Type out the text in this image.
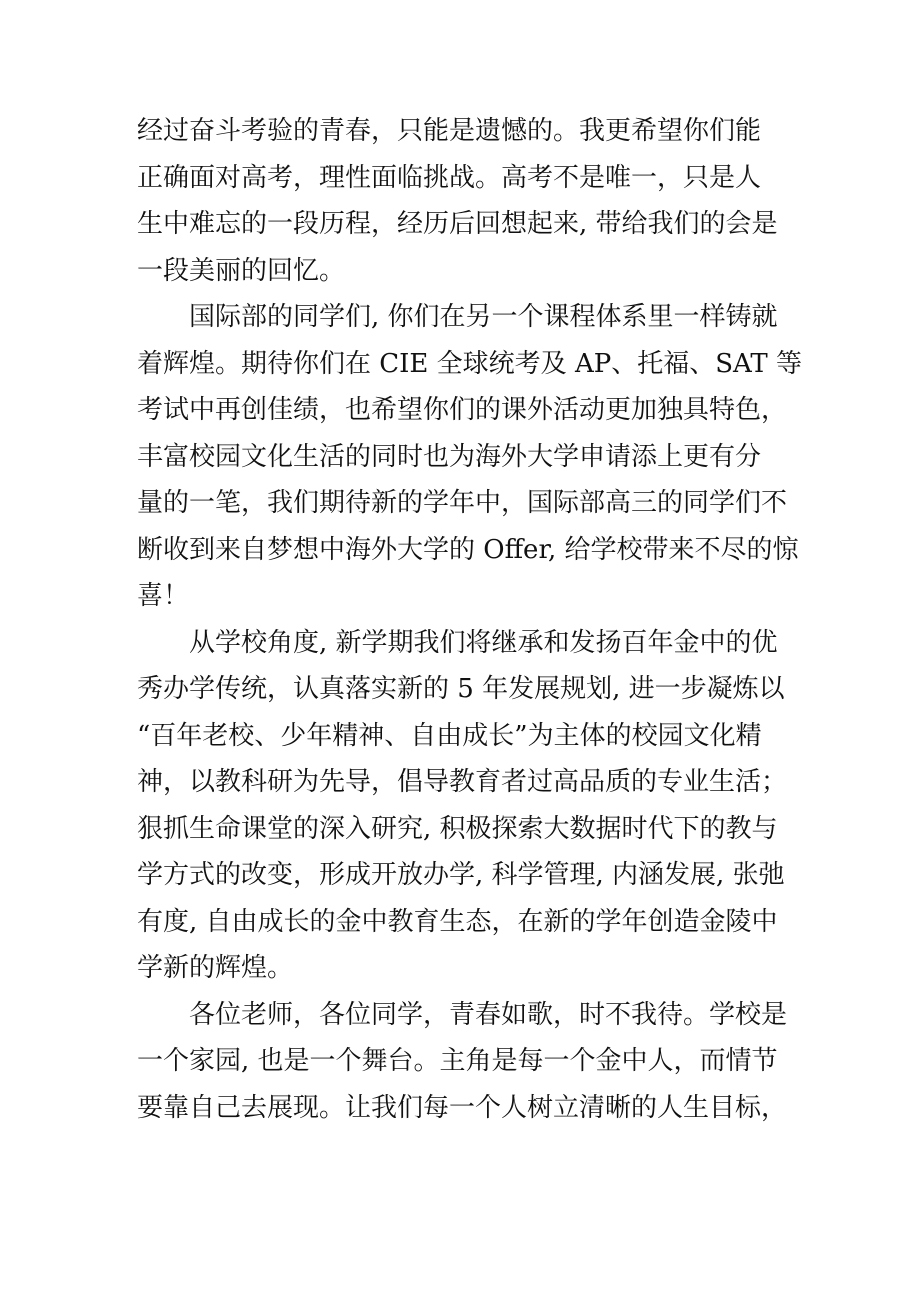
经过奋斗考验的青春，只能是遗憾的。我更希望你们能
正确面对高考，理性面临挑战。高考不是唯一，只是人
生中难忘的一段历程，经历后回想起来, 带给我们的会是
一段美丽的回忆。

国际部的同学们, 你们在另一个课程体系里一样铸就
着辉煌。期待你们在 CIE 全球统考及 AP、托福、SAT 等
考试中再创佳绩，也希望你们的课外活动更加独具特色，
丰富校园文化生活的同时也为海外大学申请添上更有分
量的一笔，我们期待新的学年中，国际部高三的同学们不
断收到来自梦想中海外大学的 Offer, 给学校带来不尽的惊
喜！

从学校角度, 新学期我们将继承和发扬百年金中的优
秀办学传统，认真落实新的 5 年发展规划, 进一步凝炼以
“百年老校、少年精神、自由成长”为主体的校园文化精
神，以教科研为先导，倡导教育者过高品质的专业生活；
狠抓生命课堂的深入研究, 积极探索大数据时代下的教与
学方式的改变，形成开放办学, 科学管理, 内涵发展, 张弛
有度, 自由成长的金中教育生态，在新的学年创造金陵中
学新的辉煌。

各位老师，各位同学，青春如歌，时不我待。学校是
一个家园, 也是一个舞台。主角是每一个金中人，而情节
要靠自己去展现。让我们每一个人树立清晰的人生目标，
